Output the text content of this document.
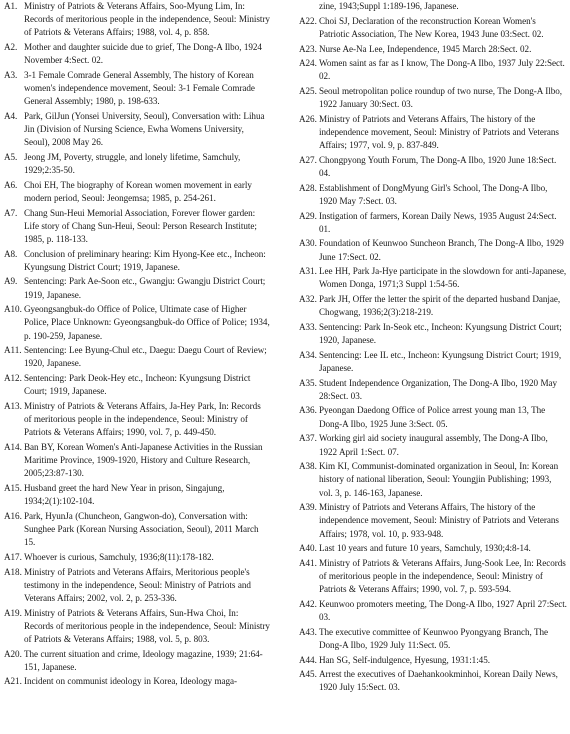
A1. Ministry of Patriots & Veterans Affairs, Soo-Myung Lim, In: Records of meritorious people in the independence, Seoul: Ministry of Patriots & Veterans Affairs; 1988, vol. 4, p. 858.
A2. Mother and daughter suicide due to grief, The Dong-A Ilbo, 1924 November 4:Sect. 02.
A3. 3-1 Female Comrade General Assembly, The history of Korean women's independence movement, Seoul: 3-1 Female Comrade General Assembly; 1980, p. 198-633.
A4. Park, GilJun (Yonsei University, Seoul), Conversation with: Lihua Jin (Division of Nursing Science, Ewha Womens University, Seoul), 2008 May 26.
A5. Jeong JM, Poverty, struggle, and lonely lifetime, Samchuly, 1929;2:35-50.
A6. Choi EH, The biography of Korean women movement in early modern period, Seoul: Jeongemsa; 1985, p. 254-261.
A7. Chang Sun-Heui Memorial Association, Forever flower garden: Life story of Chang Sun-Heui, Seoul: Person Research Institute; 1985, p. 118-133.
A8. Conclusion of preliminary hearing: Kim Hyong-Kee etc., Incheon: Kyungsung District Court; 1919, Japanese.
A9. Sentencing: Park Ae-Soon etc., Gwangju: Gwangju District Court; 1919, Japanese.
A10. Gyeongsangbuk-do Office of Police, Ultimate case of Higher Police, Place Unknown: Gyeongsangbuk-do Office of Police; 1934, p. 190-259, Japanese.
A11. Sentencing: Lee Byung-Chul etc., Daegu: Daegu Court of Review; 1920, Japanese.
A12. Sentencing: Park Deok-Hey etc., Incheon: Kyungsung District Court; 1919, Japanese.
A13. Ministry of Patriots & Veterans Affairs, Ja-Hey Park, In: Records of meritorious people in the independence, Seoul: Ministry of Patriots & Veterans Affairs; 1990, vol. 7, p. 449-450.
A14. Ban BY, Korean Women's Anti-Japanese Activities in the Russian Maritime Province, 1909-1920, History and Culture Research, 2005;23:87-130.
A15. Husband greet the hard New Year in prison, Singajung, 1934;2(1):102-104.
A16. Park, HyunJa (Chuncheon, Gangwon-do), Conversation with: Sunghee Park (Korean Nursing Association, Seoul), 2011 March 15.
A17. Whoever is curious, Samchuly, 1936;8(11):178-182.
A18. Ministry of Patriots and Veterans Affairs, Meritorious people's testimony in the independence, Seoul: Ministry of Patriots and Veterans Affairs; 2002, vol. 2, p. 253-336.
A19. Ministry of Patriots & Veterans Affairs, Sun-Hwa Choi, In: Records of meritorious people in the independence, Seoul: Ministry of Patriots & Veterans Affairs; 1988, vol. 5, p. 803.
A20. The current situation and crime, Ideology magazine, 1939; 21:64-151, Japanese.
A21. Incident on communist ideology in Korea, Ideology maga-
zine, 1943;Suppl 1:189-196, Japanese.
A22. Choi SJ, Declaration of the reconstruction Korean Women's Patriotic Association, The New Korea, 1943 June 03:Sect. 02.
A23. Nurse Ae-Na Lee, Independence, 1945 March 28:Sect. 02.
A24. Women saint as far as I know, The Dong-A Ilbo, 1937 July 22:Sect. 02.
A25. Seoul metropolitan police roundup of two nurse, The Dong-A Ilbo, 1922 January 30:Sect. 03.
A26. Ministry of Patriots and Veterans Affairs, The history of the independence movement, Seoul: Ministry of Patriots and Veterans Affairs; 1977, vol. 9, p. 837-849.
A27. Chongpyong Youth Forum, The Dong-A Ilbo, 1920 June 18:Sect. 04.
A28. Establishment of DongMyung Girl's School, The Dong-A Ilbo, 1920 May 7:Sect. 03.
A29. Instigation of farmers, Korean Daily News, 1935 August 24:Sect. 01.
A30. Foundation of Keunwoo Suncheon Branch, The Dong-A Ilbo, 1929 June 17:Sect. 02.
A31. Lee HH, Park Ja-Hye participate in the slowdown for anti-Japanese, Women Donga, 1971;3 Suppl 1:54-56.
A32. Park JH, Offer the letter the spirit of the departed husband Danjae, Chogwang, 1936;2(3):218-219.
A33. Sentencing: Park In-Seok etc., Incheon: Kyungsung District Court; 1920, Japanese.
A34. Sentencing: Lee IL etc., Incheon: Kyungsung District Court; 1919, Japanese.
A35. Student Independence Organization, The Dong-A Ilbo, 1920 May 28:Sect. 03.
A36. Pyeongan Daedong Office of Police arrest young man 13, The Dong-A Ilbo, 1925 June 3:Sect. 05.
A37. Working girl aid society inaugural assembly, The Dong-A Ilbo, 1922 April 1:Sect. 07.
A38. Kim KI, Communist-dominated organization in Seoul, In: Korean history of national liberation, Seoul: Youngjin Publishing; 1993, vol. 3, p. 146-163, Japanese.
A39. Ministry of Patriots and Veterans Affairs, The history of the independence movement, Seoul: Ministry of Patriots and Veterans Affairs; 1978, vol. 10, p. 933-948.
A40. Last 10 years and future 10 years, Samchuly, 1930;4:8-14.
A41. Ministry of Patriots & Veterans Affairs, Jung-Sook Lee, In: Records of meritorious people in the independence, Seoul: Ministry of Patriots & Veterans Affairs; 1990, vol. 7, p. 593-594.
A42. Keunwoo promoters meeting, The Dong-A Ilbo, 1927 April 27:Sect. 03.
A43. The executive committee of Keunwoo Pyongyang Branch, The Dong-A Ilbo, 1929 July 11:Sect. 05.
A44. Han SG, Self-indulgence, Hyesung, 1931:1:45.
A45. Arrest the executives of Daehankookminhoi, Korean Daily News, 1920 July 15:Sect. 03.
